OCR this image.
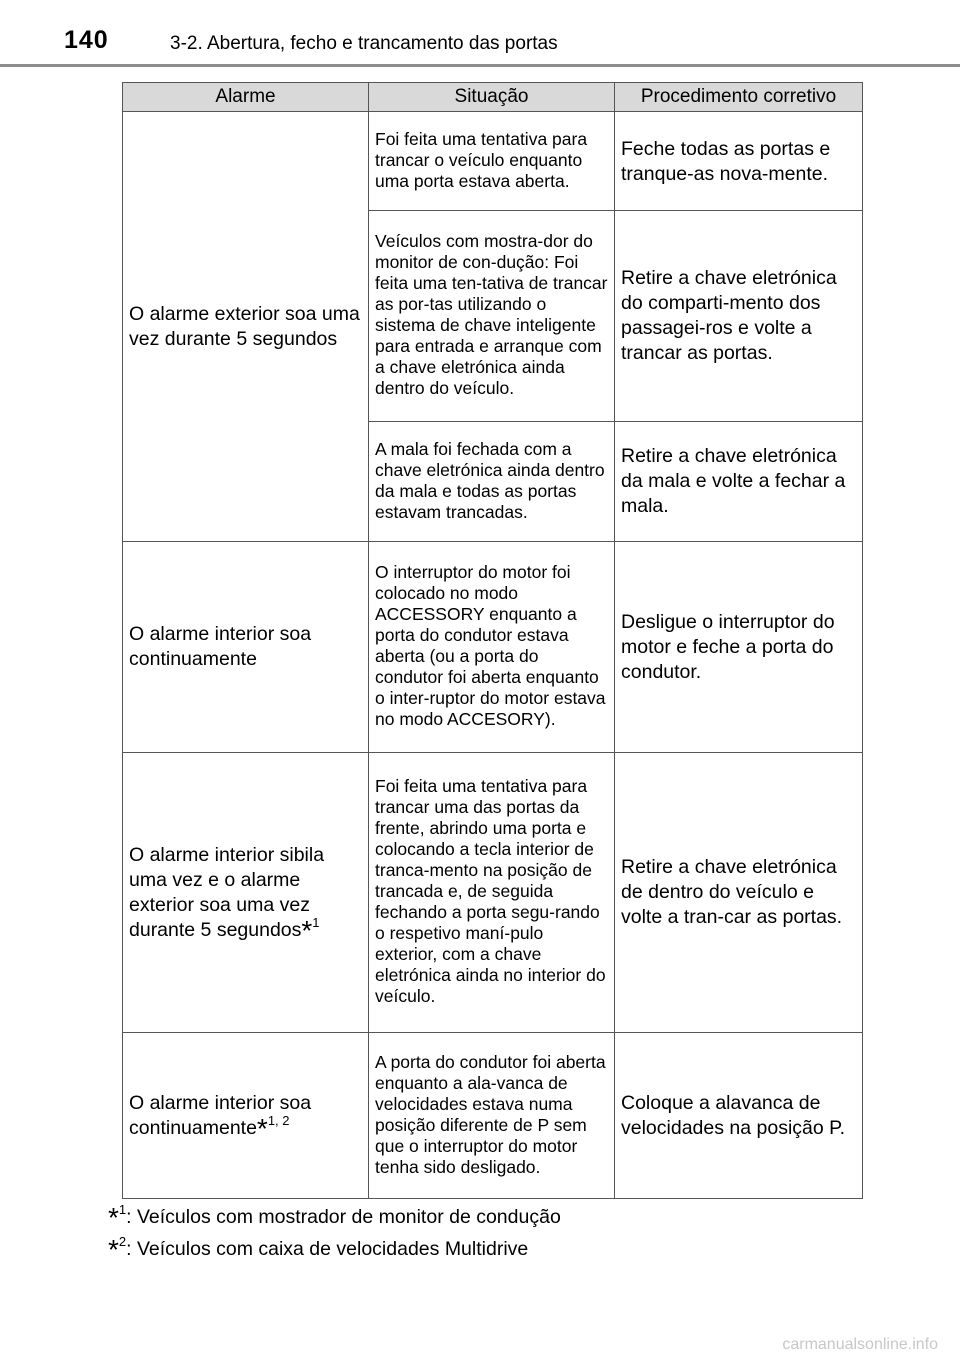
140	3-2. Abertura, fecho e trancamento das portas
Alarme	Situação	Procedimento corretivo
O alarme exterior soa uma vez durante 5 segundos	Foi feita uma tentativa para trancar o veículo enquanto uma porta estava aberta.	Feche todas as portas e tranque-as nova-mente.
	Veículos com mostra-dor do monitor de con-dução: Foi feita uma ten-tativa de trancar as por-tas utilizando o sistema de chave inteligente para entrada e arranque com a chave eletrónica ainda dentro do veículo.	Retire a chave eletrónica do comparti-mento dos passagei-ros e volte a trancar as portas.
	A mala foi fechada com a chave eletrónica ainda dentro da mala e todas as portas estavam trancadas.	Retire a chave eletrónica da mala e volte a fechar a mala.
O alarme interior soa continuamente	O interruptor do motor foi colocado no modo ACCESSORY enquanto a porta do condutor estava aberta (ou a porta do condutor foi aberta enquanto o inter-ruptor do motor estava no modo ACCESORY).	Desligue o interruptor do motor e feche a porta do condutor.
O alarme interior sibila uma vez e o alarme exterior soa uma vez durante 5 segundos*$^1$	Foi feita uma tentativa para trancar uma das portas da frente, abrindo uma porta e colocando a tecla interior de tranca-mento na posição de trancada e, de seguida fechando a porta segu-rando o respetivo maní-pulo exterior, com a chave eletrónica ainda no interior do veículo.	Retire a chave eletrónica de dentro do veículo e volte a tran-car as portas.
O alarme interior soa continuamente*$^{1, 2}$	A porta do condutor foi aberta enquanto a ala-vanca de velocidades estava numa posição diferente de P sem que o interruptor do motor tenha sido desligado.	Coloque a alavanca de velocidades na posição P.
*$^1$: Veículos com mostrador de monitor de condução
*$^2$: Veículos com caixa de velocidades Multidrive
carmanualsonline.info
